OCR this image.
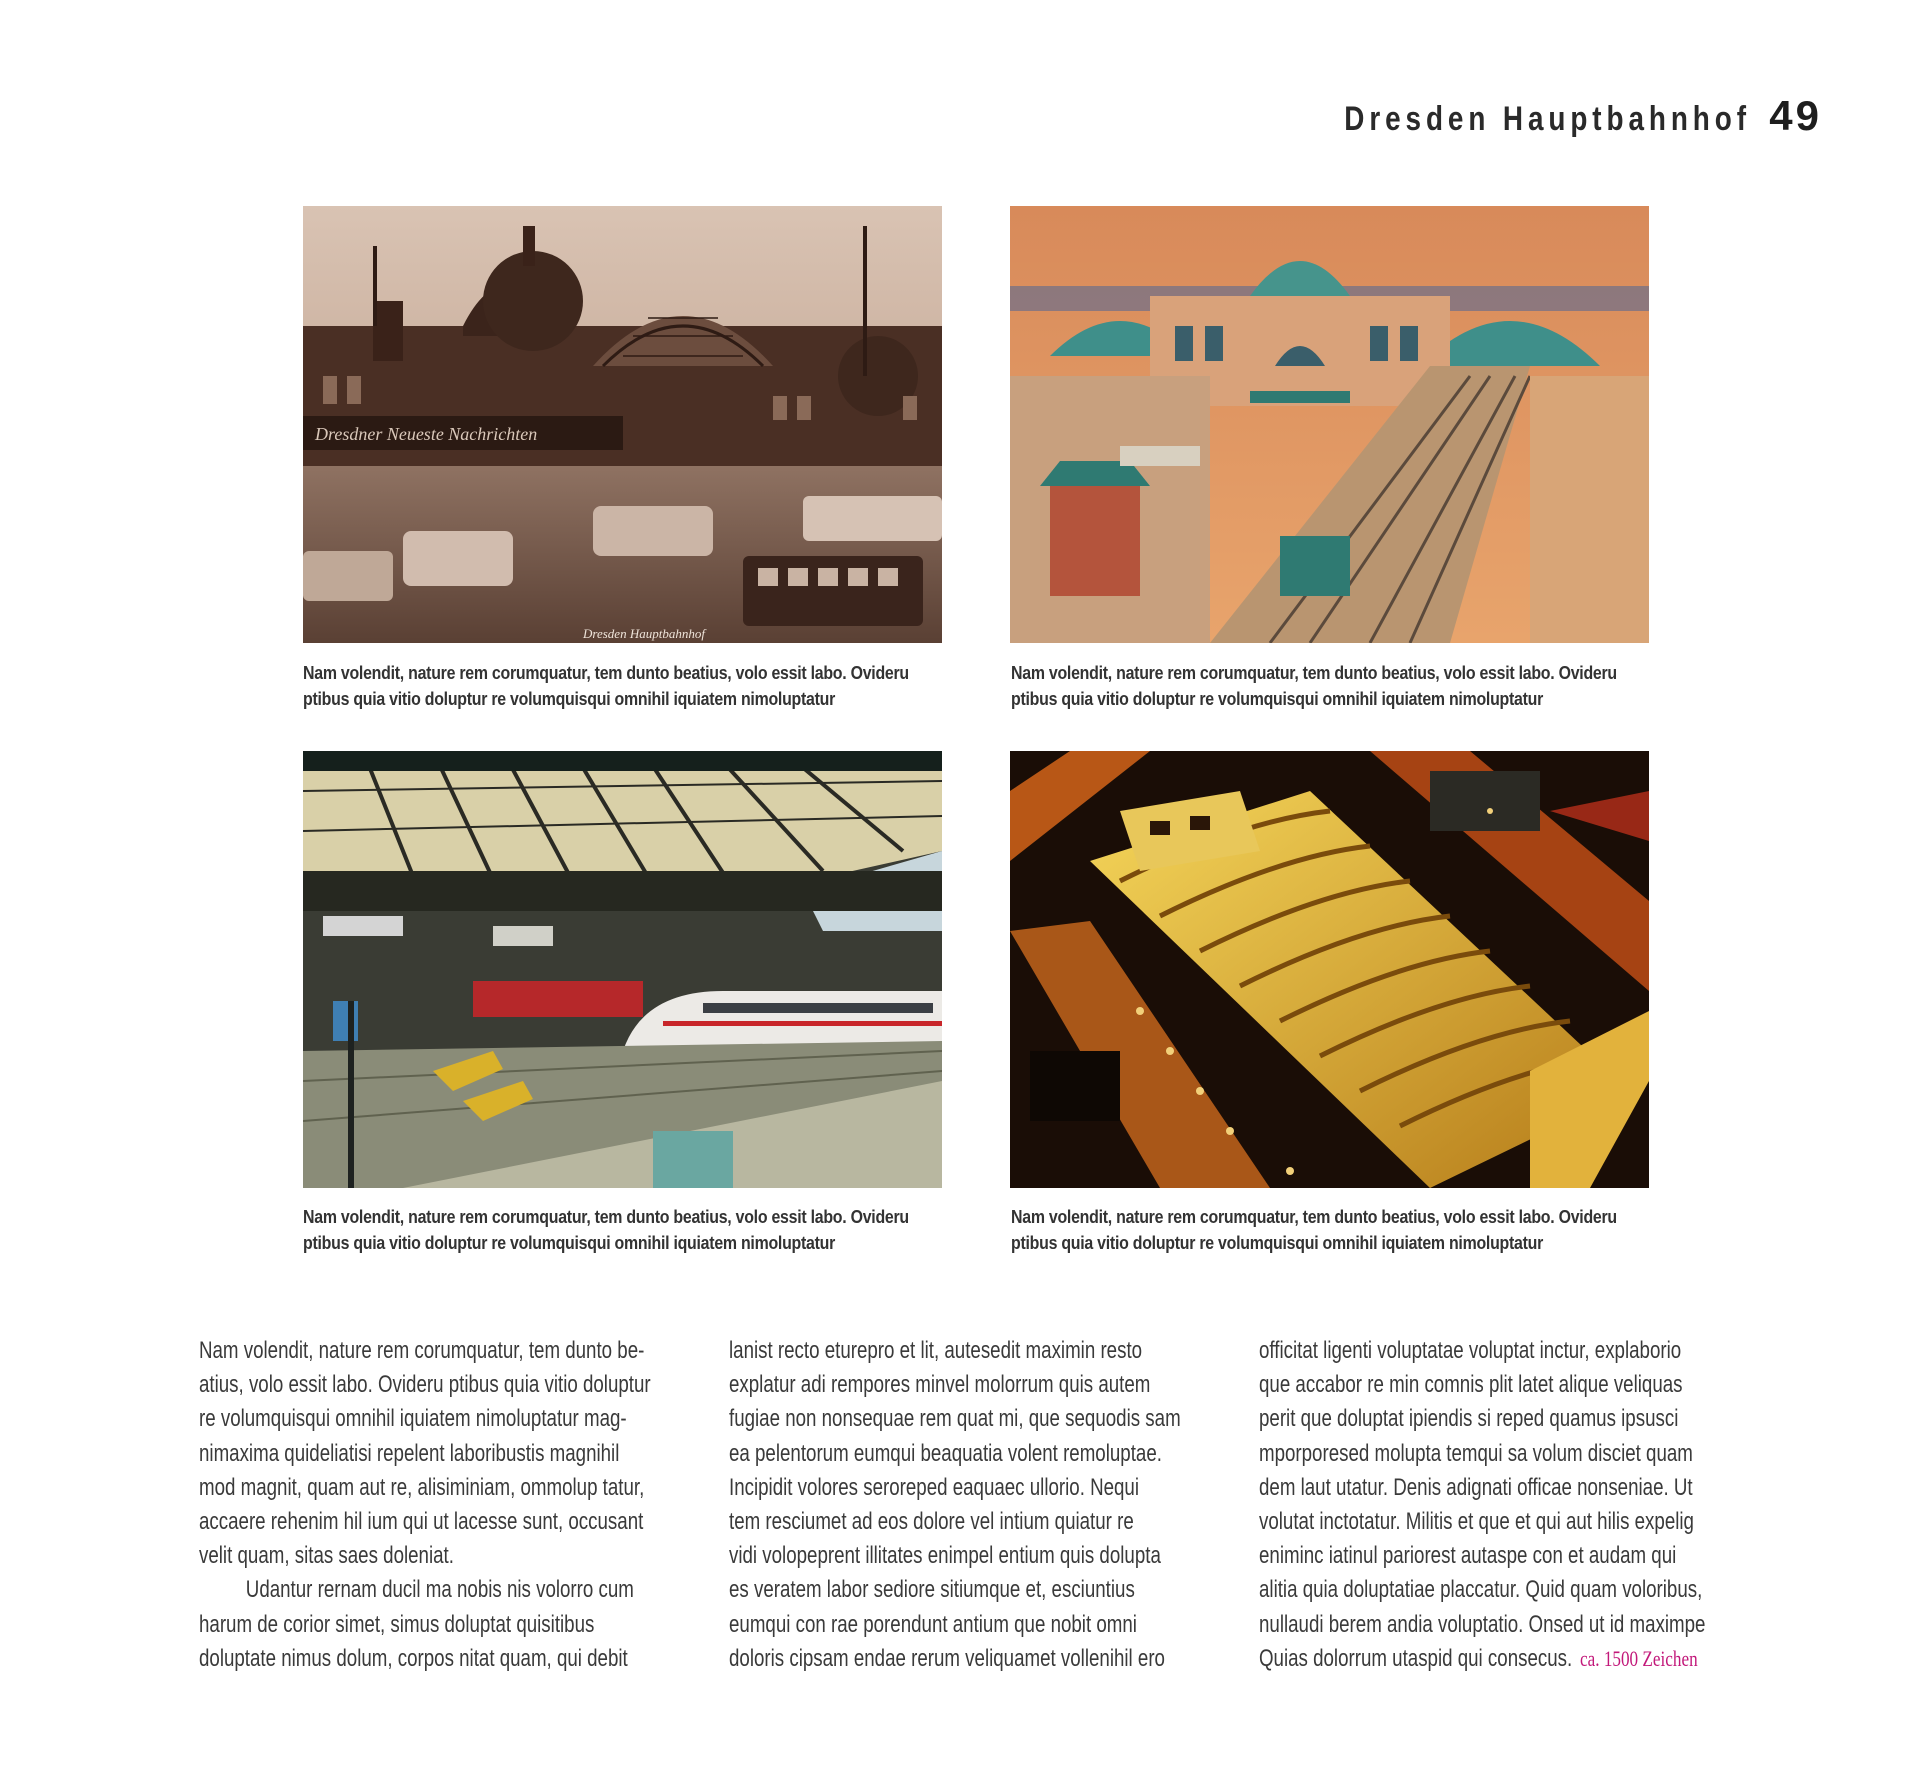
Dresden Hauptbahnhof 49
Dresdner Neueste Nachrichten
Dresden Hauptbahnhof
Nam volendit, nature rem corumquatur, tem dunto beatius, volo essit labo. Ovideru
ptibus quia vitio doluptur re volumquisqui omnihil iquiatem nimoluptatur
Nam volendit, nature rem corumquatur, tem dunto beatius, volo essit labo. Ovideru
ptibus quia vitio doluptur re volumquisqui omnihil iquiatem nimoluptatur
Nam volendit, nature rem corumquatur, tem dunto beatius, volo essit labo. Ovideru
ptibus quia vitio doluptur re volumquisqui omnihil iquiatem nimoluptatur
Nam volendit, nature rem corumquatur, tem dunto beatius, volo essit labo. Ovideru
ptibus quia vitio doluptur re volumquisqui omnihil iquiatem nimoluptatur
Nam volendit, nature rem corumquatur, tem dunto be-
atius, volo essit labo. Ovideru ptibus quia vitio doluptur
re volumquisqui omnihil iquiatem nimoluptatur mag-
nimaxima quideliatisi repelent laboribustis magnihil
mod magnit, quam aut re, alisiminiam, ommolup tatur,
accaere rehenim hil ium qui ut lacesse sunt, occusant
velit quam, sitas saes doleniat.
Udantur rernam ducil ma nobis nis volorro cum
harum de corior simet, simus doluptat quisitibus
doluptate nimus dolum, corpos nitat quam, qui debit
lanist recto eturepro et lit, autesedit maximin resto
explatur adi rempores minvel molorrum quis autem
fugiae non nonsequae rem quat mi, que sequodis sam
ea pelentorum eumqui beaquatia volent remoluptae.
Incipidit volores seroreped eaquaec ullorio. Nequi
tem resciumet ad eos dolore vel intium quiatur re
vidi volореprent illitates enimpel entium quis dolupta
es veratem labor sediore sitiumque et, esciuntius
eumqui con rae porendunt antium que nobit omni
doloris cipsam endae rerum veliquamet vollenihil ero
officitat ligenti voluptatae voluptat inctur, explaborio
que accabor re min comnis plit latet alique veliquas
perit que doluptat ipiendis si reped quamus ipsusci
mporporesed molupta temqui sa volum disciet quam
dem laut utatur. Denis adignati officae nonseniae. Ut
volutat inctotatur. Militis et que et qui aut hilis expelig
eniminc iatinul pariorest autaspe con et audam qui
alitia quia doluptatiae placcatur. Quid quam voloribus,
nullaudi berem andia voluptatio. Onsed ut id maximpe
Quias dolorrum utaspid qui consecus. ca. 1500 Zeichen
